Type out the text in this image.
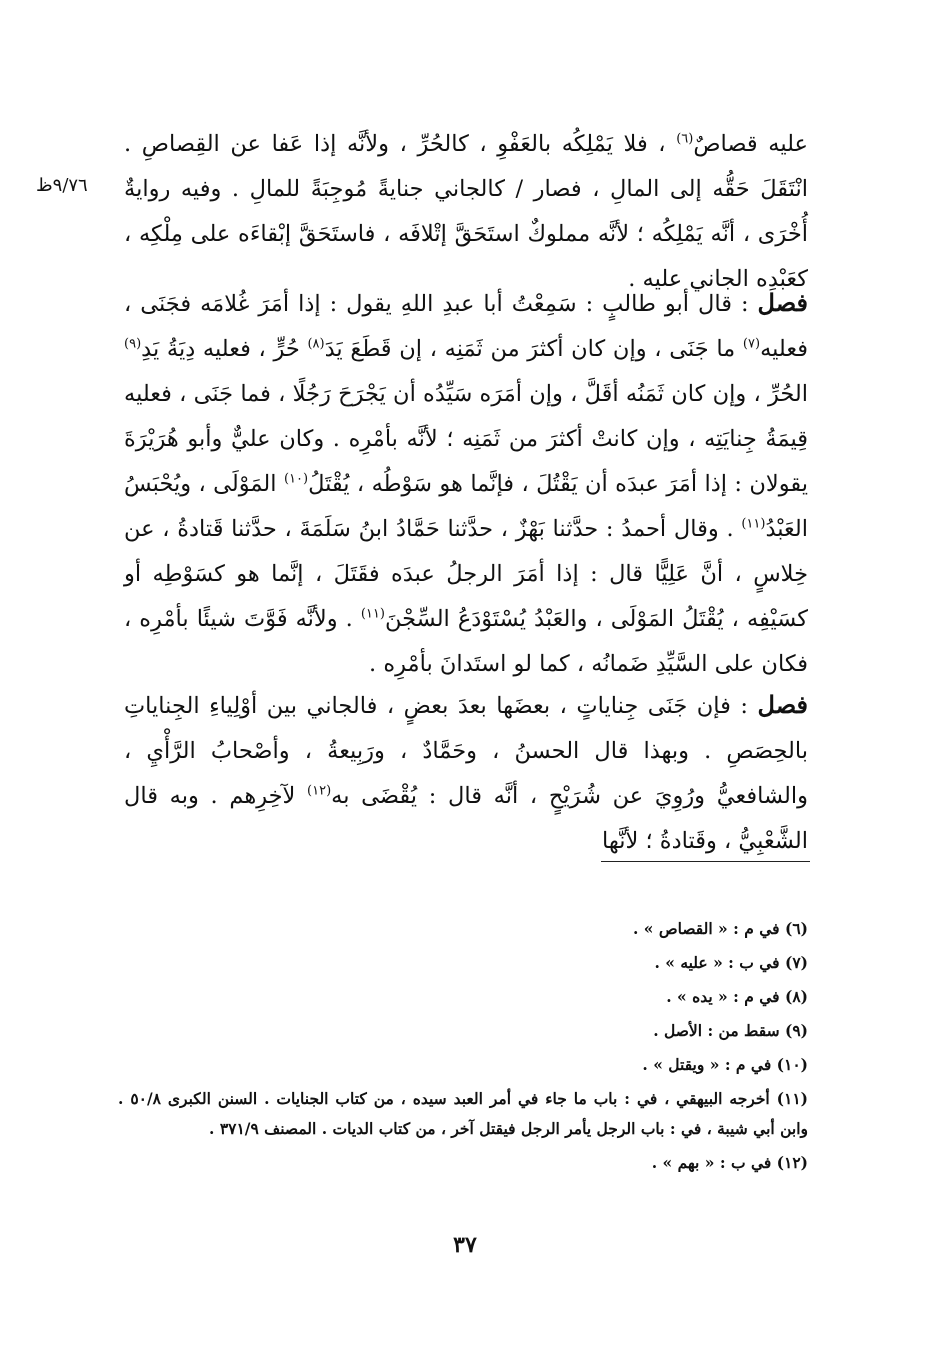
٩/٧٦ظ

عليه قصاصٌ$^{(٦)}$ ، فلا يَمْلِكُه بالعَفْوِ ، كالحُرِّ ، ولأنَّه إذا عَفا عن القِصاصِ . انْتَقَلَ حَقُّه إلى المالِ ، فصار / كالجاني جنايةً مُوجِبَةً للمالِ . وفيه روايةٌ أُخْرَى ، أنَّه يَمْلِكُه ؛ لأنَّه مملوكٌ استَحَقَّ إتْلافَه ، فاستَحَقَّ إبْقاءَه على مِلْكِه ، كعَبْدِه الجاني عليه .

فصل : قال أبو طالبٍ : سَمِعْتُ أبا عبدِ اللهِ يقول : إذا أمَرَ غُلامَه فجَنَى ، فعليه$^{(٧)}$ ما جَنَى ، وإن كان أكثرَ من ثَمَنِه ، إن قَطَعَ يَدَ$^{(٨)}$ حُرٍّ ، فعليه دِيَةُ يَدِ$^{(٩)}$ الحُرِّ ، وإن كان ثَمَنُه أقَلَّ ، وإن أمَرَه سَيِّدُه أن يَجْرَحَ رَجُلًا ، فما جَنَى ، فعليه قِيمَةُ جِنايَتِه ، وإن كانتْ أكثرَ من ثَمَنِه ؛ لأنَّه بأمْرِه . وكان عليٌّ وأبو هُرَيْرَةَ يقولان : إذا أمَرَ عبدَه أن يَقْتُلَ ، فإنَّما هو سَوْطُه ، يُقْتَلُ$^{(١٠)}$ المَوْلَى ، ويُحْبَسُ العَبْدُ$^{(١١)}$ . وقال أحمدُ : حدَّثنا بَهْزٌ ، حدَّثنا حَمَّادُ ابنُ سَلَمَةَ ، حدَّثنا قَتادةُ ، عن خِلاسٍ ، أنَّ عَلِيًّا قال : إذا أمَرَ الرجلُ عبدَه فقَتَلَ ، إنَّما هو كسَوْطِه أو كسَيْفِه ، يُقْتَلُ المَوْلَى ، والعَبْدُ يُسْتَوْدَعُ السِّجْنَ$^{(١١)}$ . ولأنَّه فَوَّتَ شيئًا بأمْرِه ، فكان على السَّيِّدِ ضَمانُه ، كما لو استَدانَ بأمْرِه .

فصل : فإن جَنَى جِناياتٍ ، بعضَها بعدَ بعضٍ ، فالجاني بين أوْلِياءِ الجِناياتِ بالحِصَصِ . وبهذا قال الحسنُ ، وحَمَّادٌ ، ورَبِيعةُ ، وأصْحابُ الرَّأْيِ ، والشافعيُّ ورُوِيَ عن شُرَيْحٍ ، أنَّه قال : يُقْضَى به$^{(١٢)}$ لآخِرِهم . وبه قال الشَّعْبِيُّ ، وقَتادةُ ؛ لأنَّها

(٦) في م : « القصاص » .

(٧) في ب : « عليه » .

(٨) في م : « يده » .

(٩) سقط من : الأصل .

(١٠) في م : « ويقتل » .

(١١) أخرجه البيهقي ، في : باب ما جاء في أمر العبد سيده ، من كتاب الجنايات . السنن الكبرى ٥٠/٨ . وابن أبي شيبة ، في : باب الرجل يأمر الرجل فيقتل آخر ، من كتاب الديات . المصنف ٣٧١/٩ .

(١٢) في ب : « بهم » .

٣٧
